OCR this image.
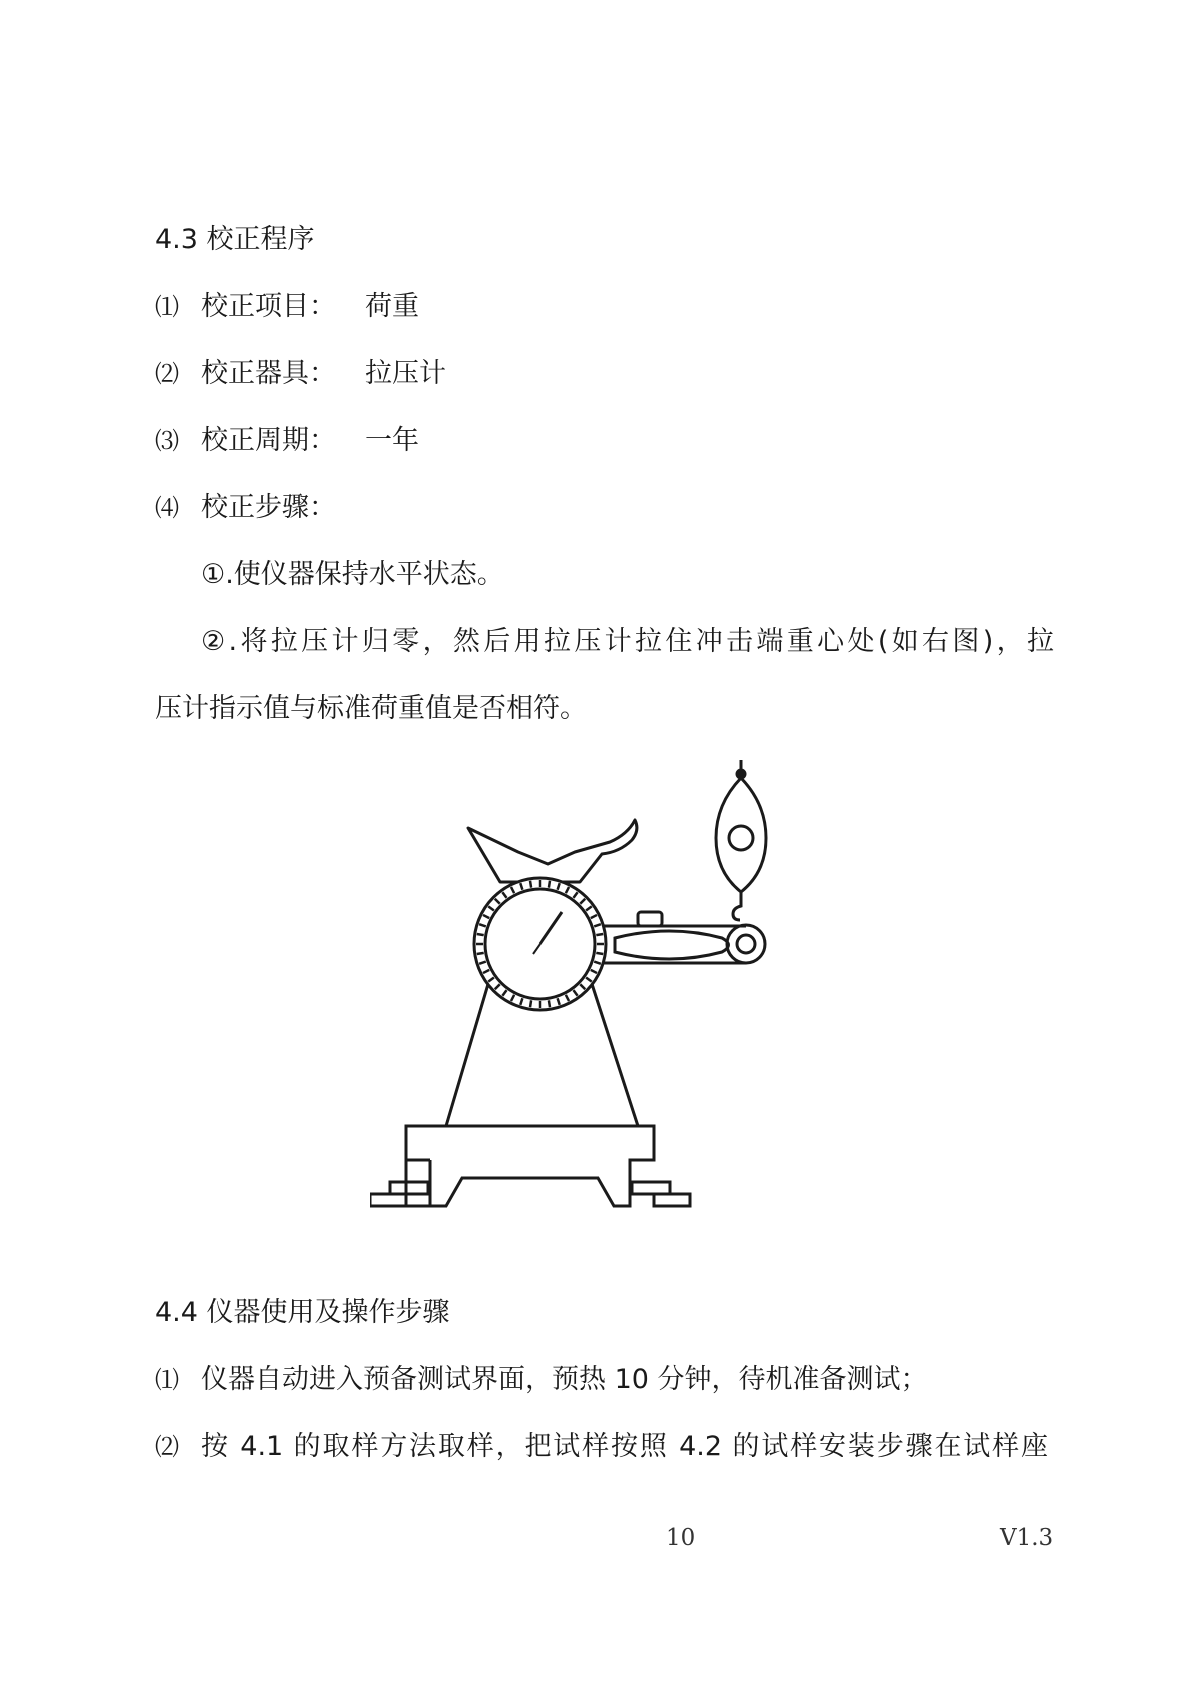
4.3 校正程序
⑴ 校正项目： 荷重
⑵ 校正器具： 拉压计
⑶ 校正周期： 一年
⑷ 校正步骤：
①.使仪器保持水平状态。
②.将拉压计归零，然后用拉压计拉住冲击端重心处(如右图)，拉
压计指示值与标准荷重值是否相符。
4.4 仪器使用及操作步骤
⑴ 仪器自动进入预备测试界面，预热 10 分钟，待机准备测试；
⑵ 按 4.1 的取样方法取样，把试样按照 4.2 的试样安装步骤在试样座
10	V1.3
